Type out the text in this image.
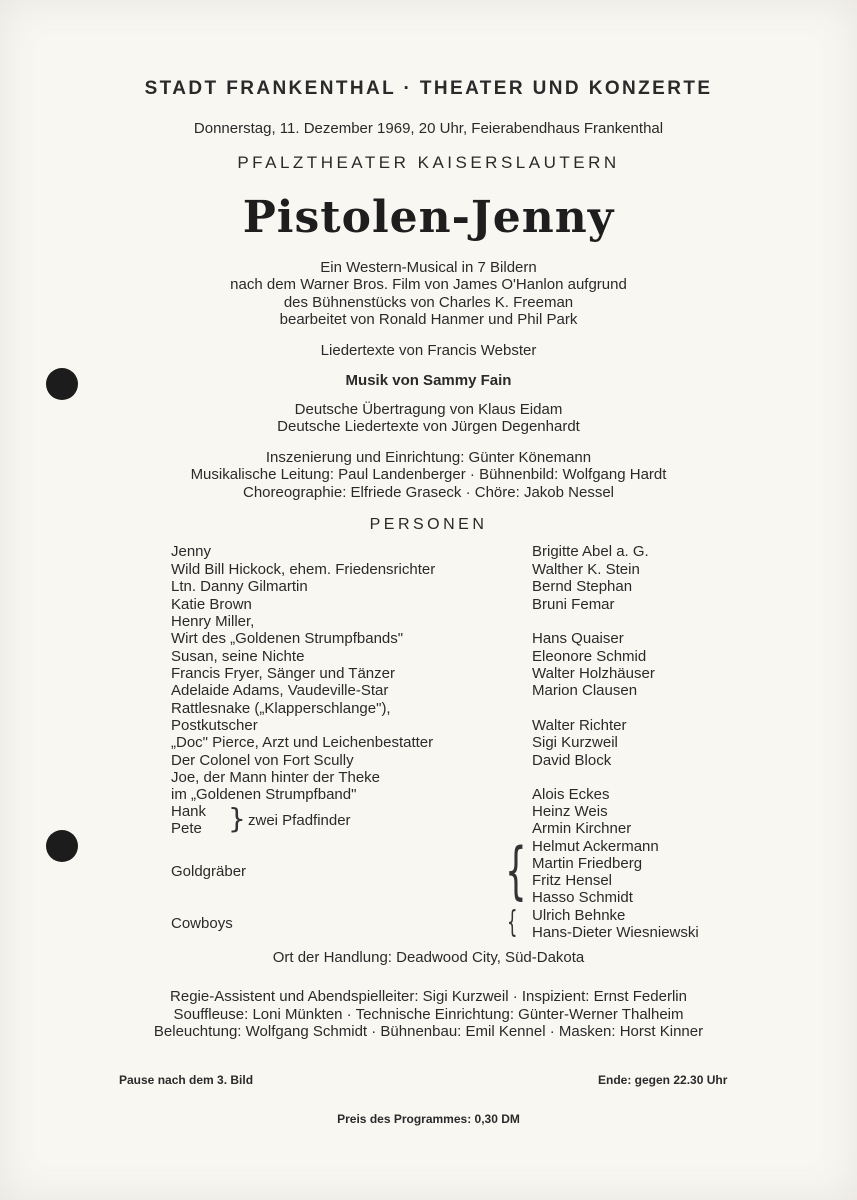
STADT FRANKENTHAL · THEATER UND KONZERTE
Donnerstag, 11. Dezember 1969, 20 Uhr, Feierabendhaus Frankenthal
PFALZTHEATER KAISERSLAUTERN
Pistolen-Jenny
Ein Western-Musical in 7 Bildern
nach dem Warner Bros. Film von James O'Hanlon aufgrund
des Bühnenstücks von Charles K. Freeman
bearbeitet von Ronald Hanmer und Phil Park
Liedertexte von Francis Webster
Musik von Sammy Fain
Deutsche Übertragung von Klaus Eidam
Deutsche Liedertexte von Jürgen Degenhardt
Inszenierung und Einrichtung: Günter Könemann
Musikalische Leitung: Paul Landenberger · Bühnenbild: Wolfgang Hardt
Choreographie: Elfriede Graseck · Chöre: Jakob Nessel
PERSONEN
Jenny
Wild Bill Hickock, ehem. Friedensrichter
Ltn. Danny Gilmartin
Katie Brown
Henry Miller,
Wirt des „Goldenen Strumpfbands"
Susan, seine Nichte
Francis Fryer, Sänger und Tänzer
Adelaide Adams, Vaudeville-Star
Rattlesnake („Klapperschlange"),
Postkutscher
„Doc" Pierce, Arzt und Leichenbestatter
Der Colonel von Fort Scully
Joe, der Mann hinter der Theke
im „Goldenen Strumpfband"
Hank
Pete } zwei Pfadfinder
Goldgräber
Cowboys
Brigitte Abel a. G.
Walther K. Stein
Bernd Stephan
Bruni Femar
Hans Quaiser
Eleonore Schmid
Walter Holzhäuser
Marion Clausen
Walter Richter
Sigi Kurzweil
David Block
Alois Eckes
Heinz Weis
Armin Kirchner
Helmut Ackermann
Martin Friedberg
Fritz Hensel
Hasso Schmidt
Ulrich Behnke
Hans-Dieter Wiesniewski
{
{
Ort der Handlung: Deadwood City, Süd-Dakota
Regie-Assistent und Abendspielleiter: Sigi Kurzweil · Inspizient: Ernst Federlin
Souffleuse: Loni Münkten · Technische Einrichtung: Günter-Werner Thalheim
Beleuchtung: Wolfgang Schmidt · Bühnenbau: Emil Kennel · Masken: Horst Kinner
Pause nach dem 3. Bild	Ende: gegen 22.30 Uhr
Preis des Programmes: 0,30 DM
